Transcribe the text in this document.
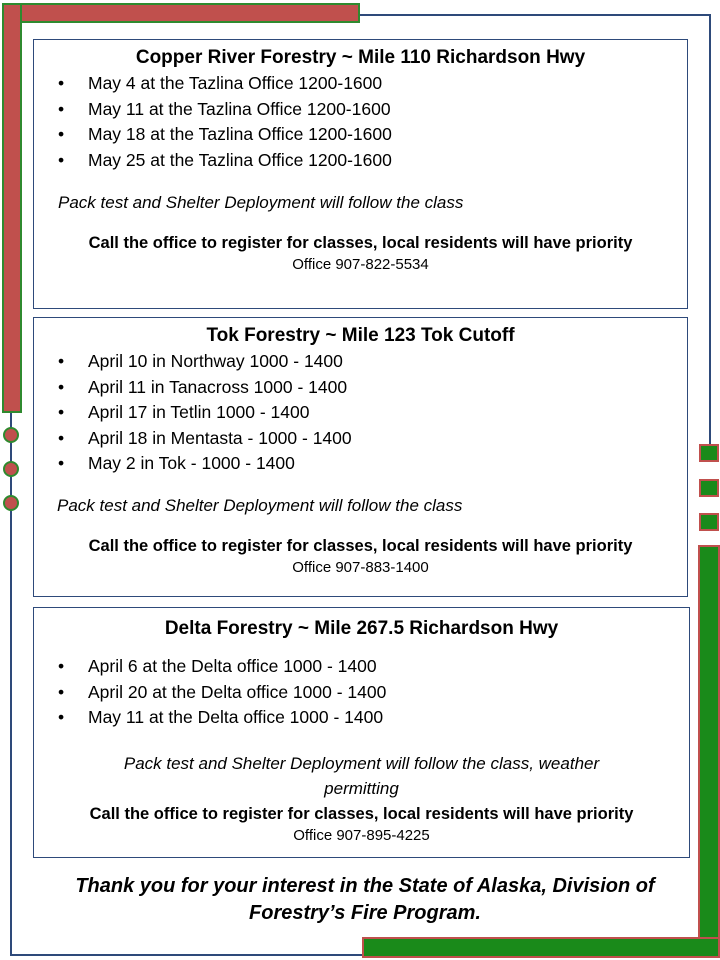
Copper River Forestry ~ Mile 110 Richardson Hwy
• May 4 at the Tazlina Office 1200-1600
• May 11 at the Tazlina Office 1200-1600
• May 18 at the Tazlina Office 1200-1600
• May 25 at the Tazlina Office 1200-1600
Pack test and Shelter Deployment will follow the class
Call the office to register for classes, local residents will have priority
Office 907-822-5534
Tok Forestry ~ Mile 123 Tok Cutoff
• April 10 in Northway 1000 - 1400
• April 11 in Tanacross 1000 - 1400
• April 17 in Tetlin 1000 - 1400
• April 18 in Mentasta - 1000 - 1400
• May 2 in Tok - 1000 - 1400
Pack test and Shelter Deployment will follow the class
Call the office to register for classes, local residents will have priority
Office 907-883-1400
Delta Forestry ~ Mile 267.5 Richardson Hwy
• April 6 at the Delta office 1000 - 1400
• April 20 at the Delta office 1000 - 1400
• May 11 at the Delta office 1000 - 1400
Pack test and Shelter Deployment will follow the class, weather permitting
Call the office to register for classes, local residents will have priority
Office 907-895-4225
Thank you for your interest in the State of Alaska, Division of Forestry’s Fire Program.
